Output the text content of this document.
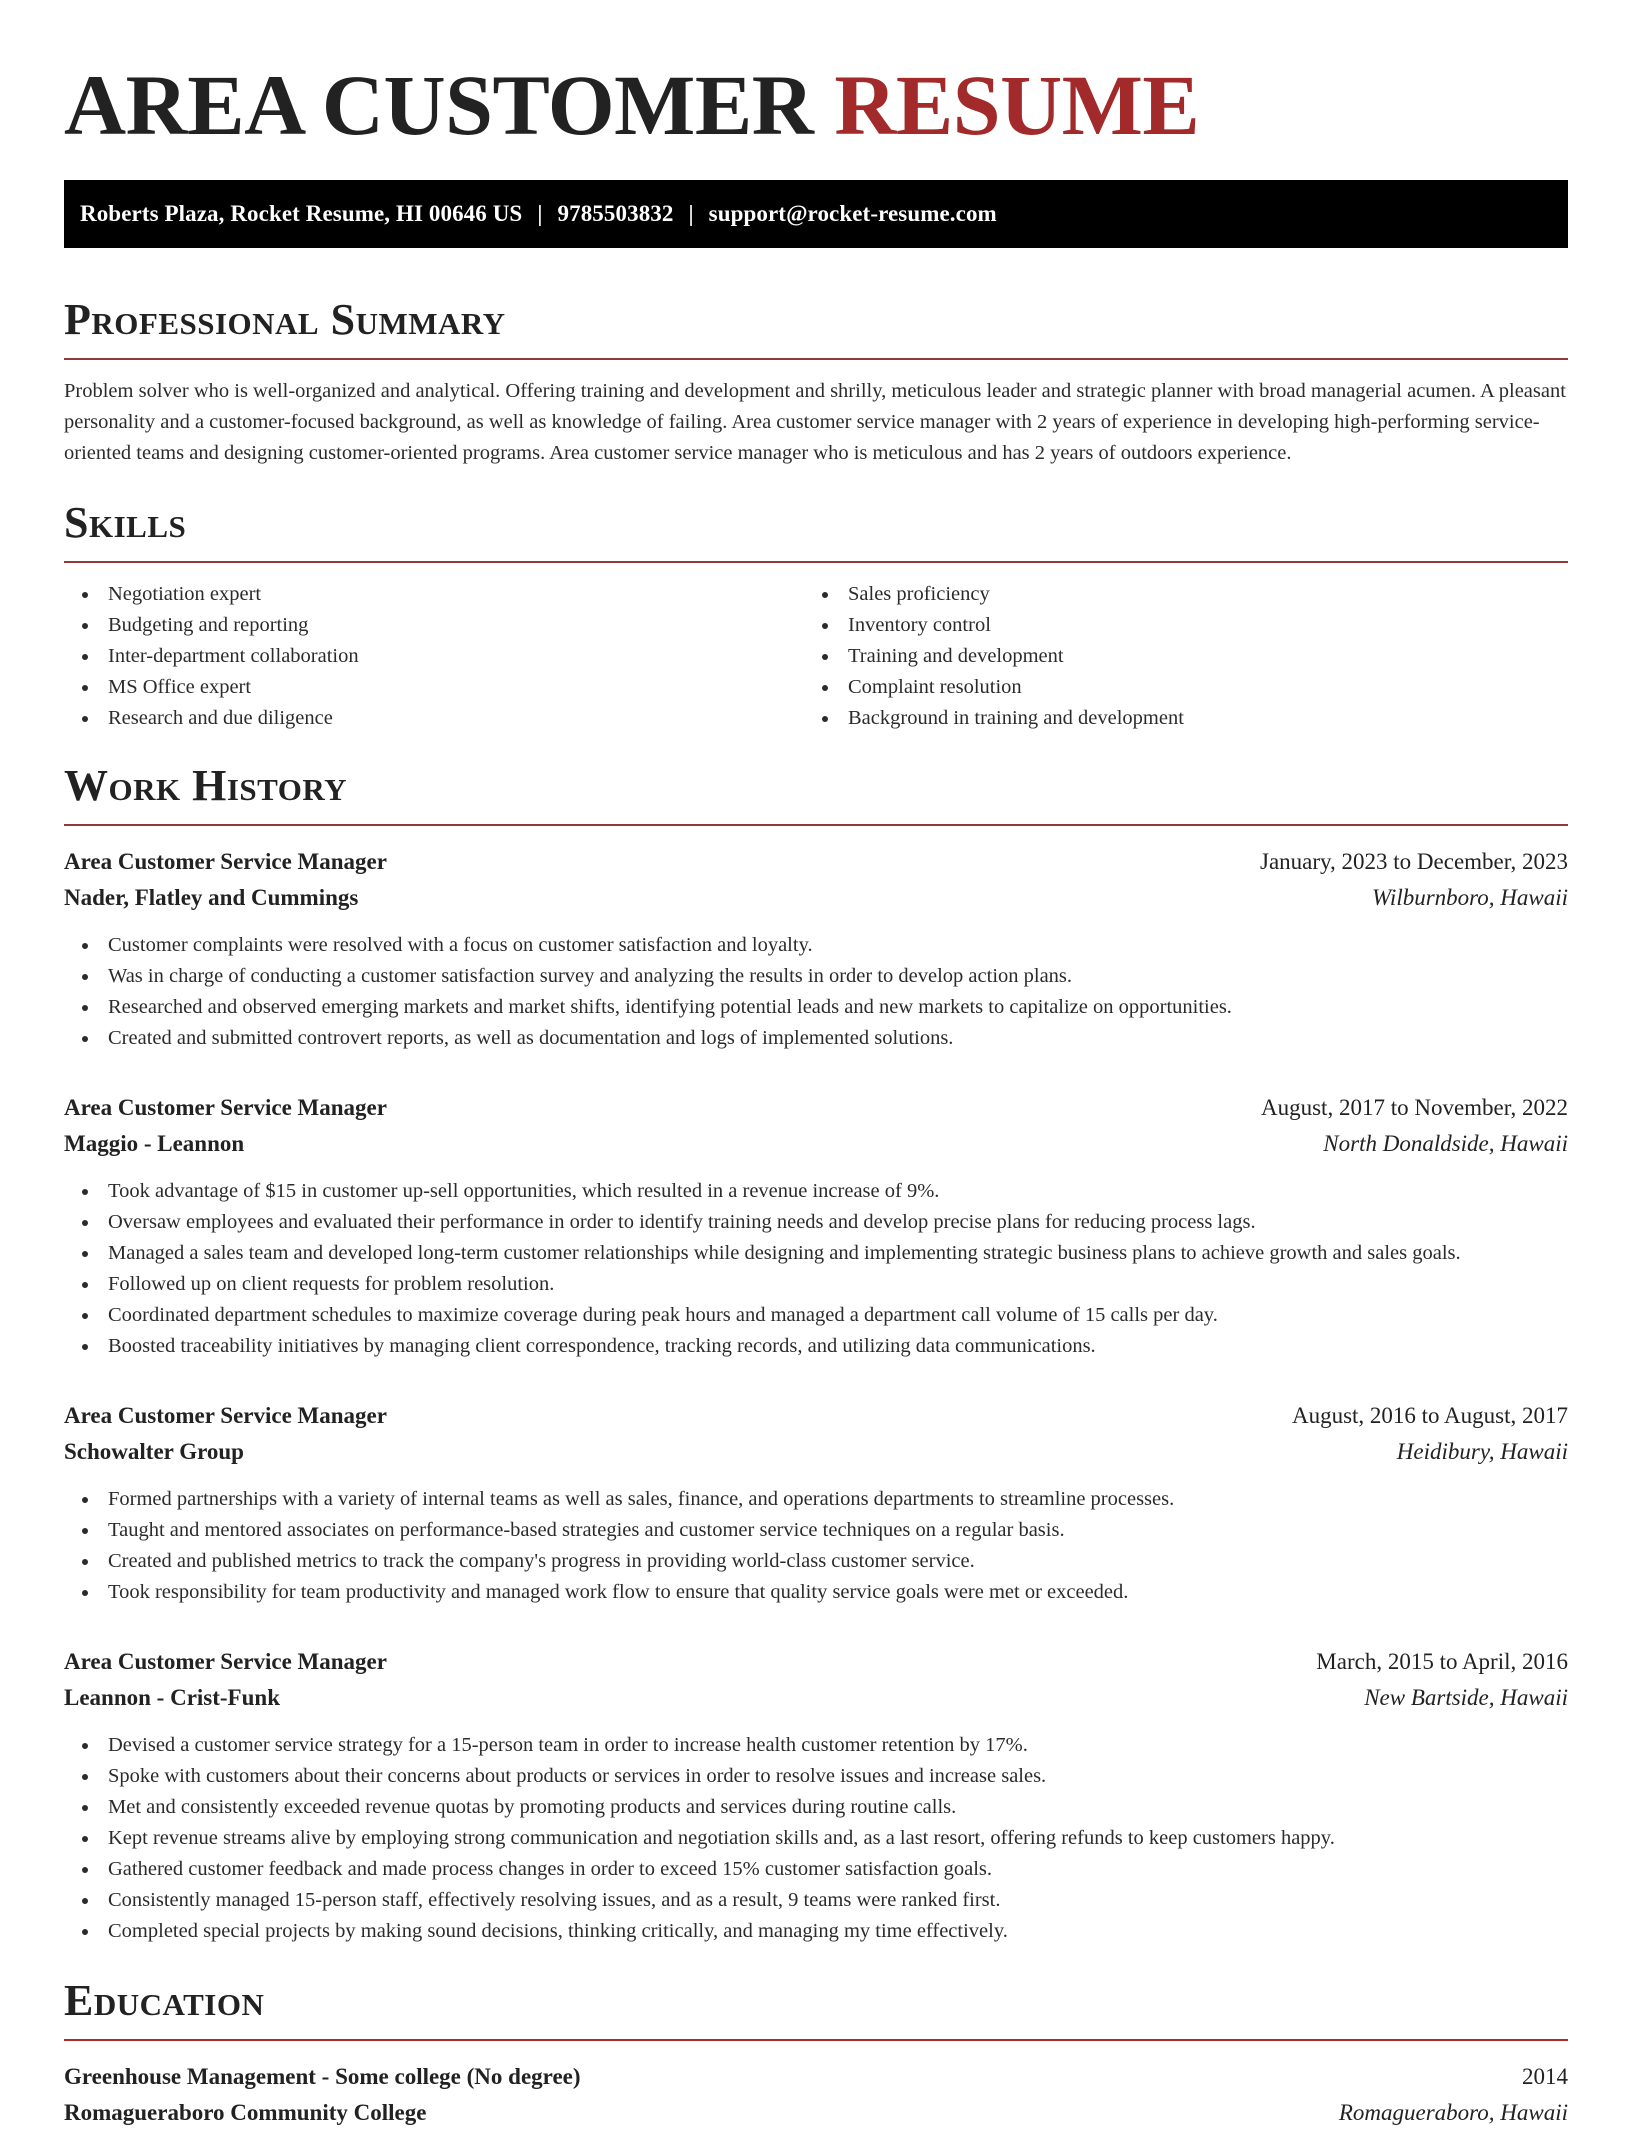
AREA CUSTOMER RESUME
Roberts Plaza, Rocket Resume, HI 00646 US | 9785503832 | support@rocket-resume.com
Professional Summary

Problem solver who is well-organized and analytical. Offering training and development and shrilly, meticulous leader and strategic planner with broad managerial acumen. A pleasant personality and a customer-focused background, as well as knowledge of failing. Area customer service manager with 2 years of experience in developing high-performing service-oriented teams and designing customer-oriented programs. Area customer service manager who is meticulous and has 2 years of outdoors experience.

Skills
Negotiation expert
Budgeting and reporting
Inter-department collaboration
MS Office expert
Research and due diligence
Sales proficiency
Inventory control
Training and development
Complaint resolution
Background in training and development
Work History
Area Customer Service Manager	January, 2023 to December, 2023
Nader, Flatley and Cummings	Wilburnboro, Hawaii
Customer complaints were resolved with a focus on customer satisfaction and loyalty.
Was in charge of conducting a customer satisfaction survey and analyzing the results in order to develop action plans.
Researched and observed emerging markets and market shifts, identifying potential leads and new markets to capitalize on opportunities.
Created and submitted controvert reports, as well as documentation and logs of implemented solutions.
Area Customer Service Manager	August, 2017 to November, 2022
Maggio - Leannon	North Donaldside, Hawaii
Took advantage of $15 in customer up-sell opportunities, which resulted in a revenue increase of 9%.
Oversaw employees and evaluated their performance in order to identify training needs and develop precise plans for reducing process lags.
Managed a sales team and developed long-term customer relationships while designing and implementing strategic business plans to achieve growth and sales goals.
Followed up on client requests for problem resolution.
Coordinated department schedules to maximize coverage during peak hours and managed a department call volume of 15 calls per day.
Boosted traceability initiatives by managing client correspondence, tracking records, and utilizing data communications.
Area Customer Service Manager	August, 2016 to August, 2017
Schowalter Group	Heidibury, Hawaii
Formed partnerships with a variety of internal teams as well as sales, finance, and operations departments to streamline processes.
Taught and mentored associates on performance-based strategies and customer service techniques on a regular basis.
Created and published metrics to track the company's progress in providing world-class customer service.
Took responsibility for team productivity and managed work flow to ensure that quality service goals were met or exceeded.
Area Customer Service Manager	March, 2015 to April, 2016
Leannon - Crist-Funk	New Bartside, Hawaii
Devised a customer service strategy for a 15-person team in order to increase health customer retention by 17%.
Spoke with customers about their concerns about products or services in order to resolve issues and increase sales.
Met and consistently exceeded revenue quotas by promoting products and services during routine calls.
Kept revenue streams alive by employing strong communication and negotiation skills and, as a last resort, offering refunds to keep customers happy.
Gathered customer feedback and made process changes in order to exceed 15% customer satisfaction goals.
Consistently managed 15-person staff, effectively resolving issues, and as a result, 9 teams were ranked first.
Completed special projects by making sound decisions, thinking critically, and managing my time effectively.
Education
Greenhouse Management - Some college (No degree)	2014
Romagueraboro Community College	Romagueraboro, Hawaii
